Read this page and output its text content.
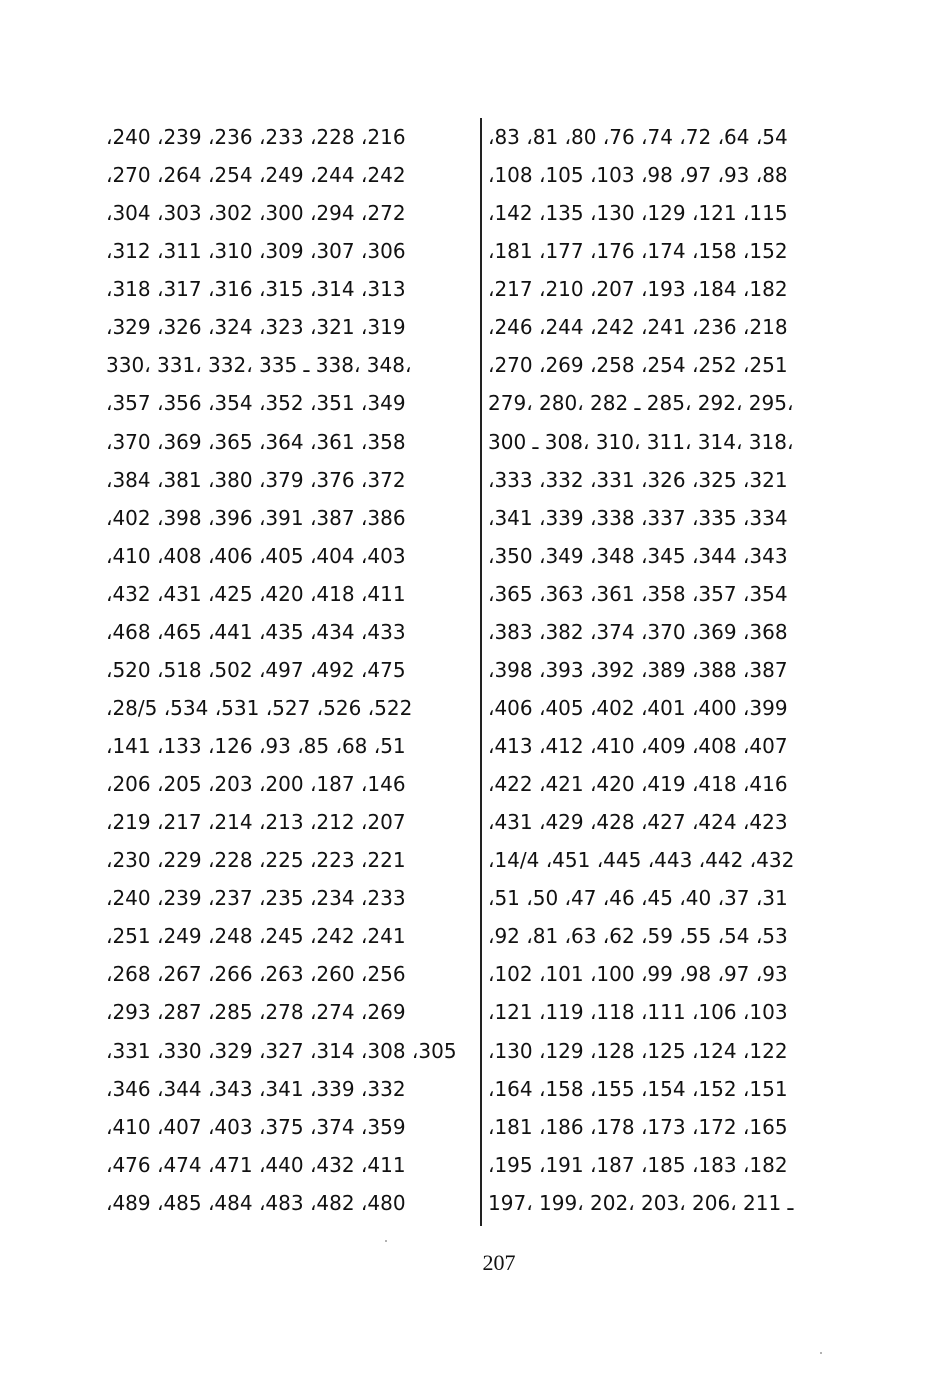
،83 ،81 ،80 ،76 ،74 ،72 ،64 ،54
،108 ،105 ،103 ،98 ،97 ،93 ،88
،142 ،135 ،130 ،129 ،121 ،115
،181 ،177 ،176 ،174 ،158 ،152
،217 ،210 ،207 ،193 ،184 ،182
،246 ،244 ،242 ،241 ،236 ،218
،270 ،269 ،258 ،254 ،252 ،251
،295 ،292 ،285 ـ 282 ،280 ،279
،318 ،314 ،311 ،310 ،308 ـ 300
،333 ،332 ،331 ،326 ،325 ،321
،341 ،339 ،338 ،337 ،335 ،334
،350 ،349 ،348 ،345 ،344 ،343
،365 ،363 ،361 ،358 ،357 ،354
،383 ،382 ،374 ،370 ،369 ،368
،398 ،393 ،392 ،389 ،388 ،387
،406 ،405 ،402 ،401 ،400 ،399
،413 ،412 ،410 ،409 ،408 ،407
،422 ،421 ،420 ،419 ،418 ،416
،431 ،429 ،428 ،427 ،424 ،423
،14/4 ،451 ،445 ،443 ،442 ،432
،51 ،50 ،47 ،46 ،45 ،40 ،37 ،31
،92 ،81 ،63 ،62 ،59 ،55 ،54 ،53
،102 ،101 ،100 ،99 ،98 ،97 ،93
،121 ،119 ،118 ،111 ،106 ،103
،130 ،129 ،128 ،125 ،124 ،122
،164 ،158 ،155 ،154 ،152 ،151
،181 ،186 ،178 ،173 ،172 ،165
،195 ،191 ،187 ،185 ،183 ،182
ـ 211 ،206 ،203 ،202 ،199 ،197
،240 ،239 ،236 ،233 ،228 ،216
،270 ،264 ،254 ،249 ،244 ،242
،304 ،303 ،302 ،300 ،294 ،272
،312 ،311 ،310 ،309 ،307 ،306
،318 ،317 ،316 ،315 ،314 ،313
،329 ،326 ،324 ،323 ،321 ،319
،348 ،338 ـ 335 ،332 ،331 ،330
،357 ،356 ،354 ،352 ،351 ،349
،370 ،369 ،365 ،364 ،361 ،358
،384 ،381 ،380 ،379 ،376 ،372
،402 ،398 ،396 ،391 ،387 ،386
،410 ،408 ،406 ،405 ،404 ،403
،432 ،431 ،425 ،420 ،418 ،411
،468 ،465 ،441 ،435 ،434 ،433
،520 ،518 ،502 ،497 ،492 ،475
،28/5 ،534 ،531 ،527 ،526 ،522
،141 ،133 ،126 ،93 ،85 ،68 ،51
،206 ،205 ،203 ،200 ،187 ،146
،219 ،217 ،214 ،213 ،212 ،207
،230 ،229 ،228 ،225 ،223 ،221
،240 ،239 ،237 ،235 ،234 ،233
،251 ،249 ،248 ،245 ،242 ،241
،268 ،267 ،266 ،263 ،260 ،256
،293 ،287 ،285 ،278 ،274 ،269
،331 ،330 ،329 ،327 ،314 ،308 ،305
،346 ،344 ،343 ،341 ،339 ،332
،410 ،407 ،403 ،375 ،374 ،359
،476 ،474 ،471 ،440 ،432 ،411
،489 ،485 ،484 ،483 ،482 ،480
207
